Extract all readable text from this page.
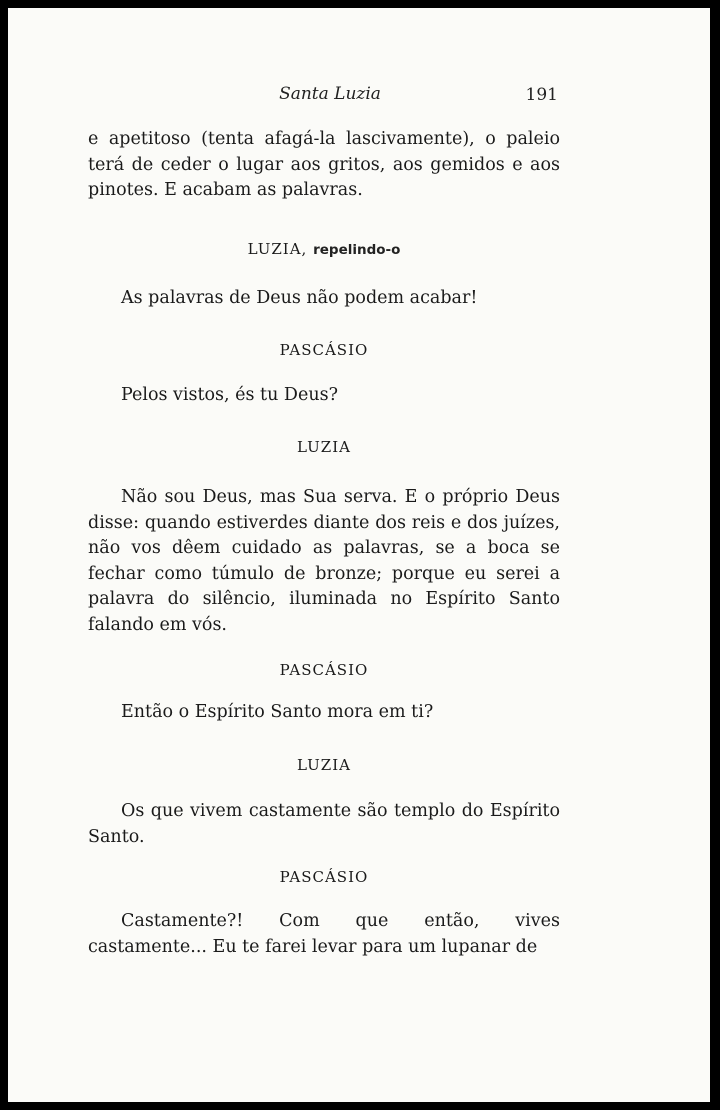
Santa Luzia	191

e apetitoso (tenta afagá-la lascivamente), o paleio terá de ceder o lugar aos gritos, aos gemidos e aos pinotes. E acabam as palavras.

LUZIA, repelindo-o

As palavras de Deus não podem acabar!

PASCÁSIO

Pelos vistos, és tu Deus?

LUZIA

Não sou Deus, mas Sua serva. E o próprio Deus disse: quando estiverdes diante dos reis e dos juízes, não vos dêem cuidado as palavras, se a boca se fechar como túmulo de bronze; porque eu serei a palavra do silêncio, iluminada no Espírito Santo falando em vós.

PASCÁSIO

Então o Espírito Santo mora em ti?

LUZIA

Os que vivem castamente são templo do Espírito Santo.

PASCÁSIO

Castamente?! Com que então, vives castamente... Eu te farei levar para um lupanar de
